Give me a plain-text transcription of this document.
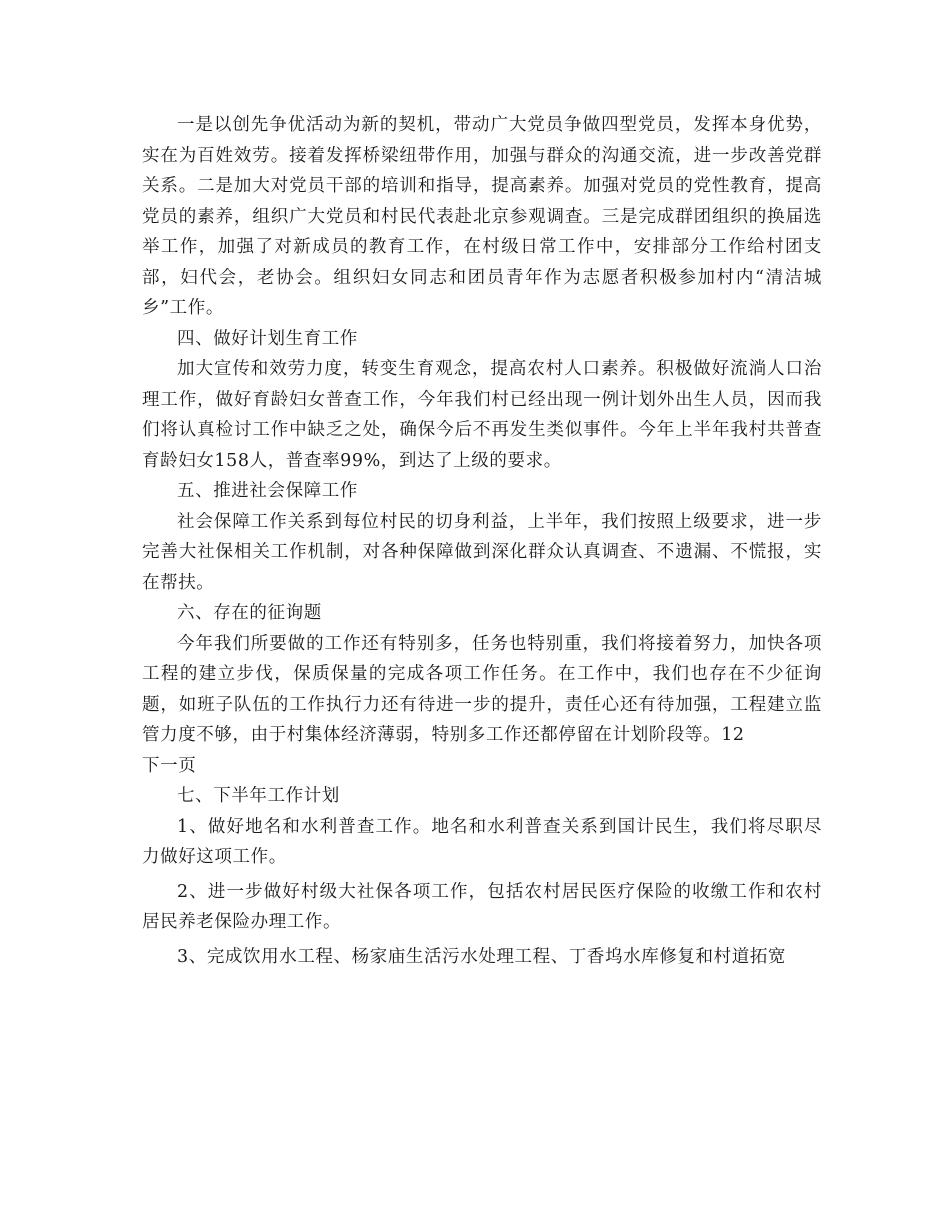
一是以创先争优活动为新的契机，带动广大党员争做四型党员，发挥本身优势，实在为百姓效劳。接着发挥桥梁纽带作用，加强与群众的沟通交流，进一步改善党群关系。二是加大对党员干部的培训和指导，提高素养。加强对党员的党性教育，提高党员的素养，组织广大党员和村民代表赴北京参观调查。三是完成群团组织的换届选举工作，加强了对新成员的教育工作，在村级日常工作中，安排部分工作给村团支部，妇代会，老协会。组织妇女同志和团员青年作为志愿者积极参加村内“清洁城乡”工作。

四、做好计划生育工作

加大宣传和效劳力度，转变生育观念，提高农村人口素养。积极做好流淌人口治理工作，做好育龄妇女普查工作，今年我们村已经出现一例计划外出生人员，因而我们将认真检讨工作中缺乏之处，确保今后不再发生类似事件。今年上半年我村共普查育龄妇女158人，普查率99%，到达了上级的要求。

五、推进社会保障工作

社会保障工作关系到每位村民的切身利益，上半年，我们按照上级要求，进一步完善大社保相关工作机制，对各种保障做到深化群众认真调查、不遗漏、不慌报，实在帮扶。

六、存在的征询题

今年我们所要做的工作还有特别多，任务也特别重，我们将接着努力，加快各项工程的建立步伐，保质保量的完成各项工作任务。在工作中，我们也存在不少征询题，如班子队伍的工作执行力还有待进一步的提升，责任心还有待加强，工程建立监管力度不够，由于村集体经济薄弱，特别多工作还都停留在计划阶段等。12

下一页

七、下半年工作计划

1、做好地名和水利普查工作。地名和水利普查关系到国计民生，我们将尽职尽力做好这项工作。

2、进一步做好村级大社保各项工作，包括农村居民医疗保险的收缴工作和农村居民养老保险办理工作。

3、完成饮用水工程、杨家庙生活污水处理工程、丁香坞水库修复和村道拓宽
